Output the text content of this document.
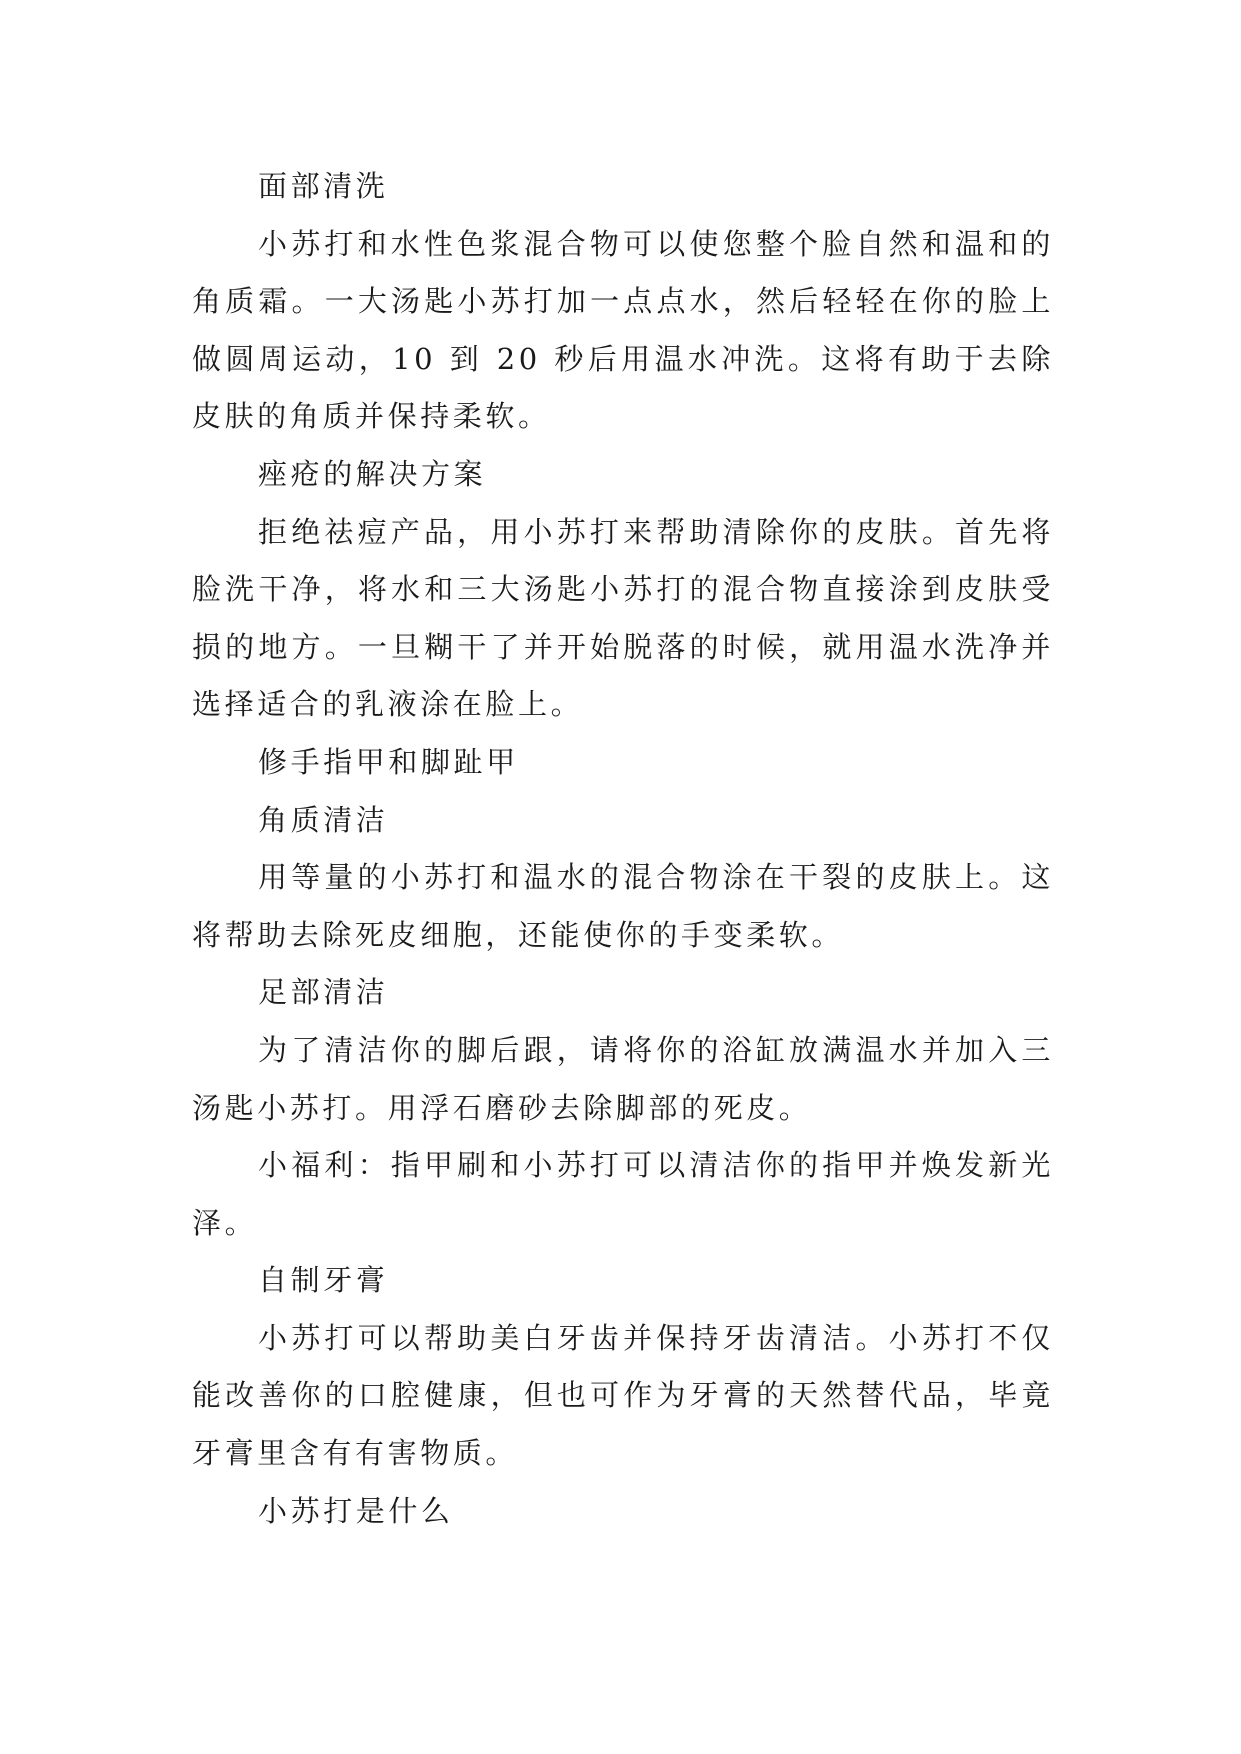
面部清洗

小苏打和水性色浆混合物可以使您整个脸自然和温和的角质霜。一大汤匙小苏打加一点点水，然后轻轻在你的脸上做圆周运动，10 到 20 秒后用温水冲洗。这将有助于去除皮肤的角质并保持柔软。

痤疮的解决方案

拒绝祛痘产品，用小苏打来帮助清除你的皮肤。首先将脸洗干净，将水和三大汤匙小苏打的混合物直接涂到皮肤受损的地方。一旦糊干了并开始脱落的时候，就用温水洗净并选择适合的乳液涂在脸上。

修手指甲和脚趾甲

角质清洁

用等量的小苏打和温水的混合物涂在干裂的皮肤上。这将帮助去除死皮细胞，还能使你的手变柔软。

足部清洁

为了清洁你的脚后跟，请将你的浴缸放满温水并加入三汤匙小苏打。用浮石磨砂去除脚部的死皮。

小福利：指甲刷和小苏打可以清洁你的指甲并焕发新光泽。

自制牙膏

小苏打可以帮助美白牙齿并保持牙齿清洁。小苏打不仅能改善你的口腔健康，但也可作为牙膏的天然替代品，毕竟牙膏里含有有害物质。

小苏打是什么
